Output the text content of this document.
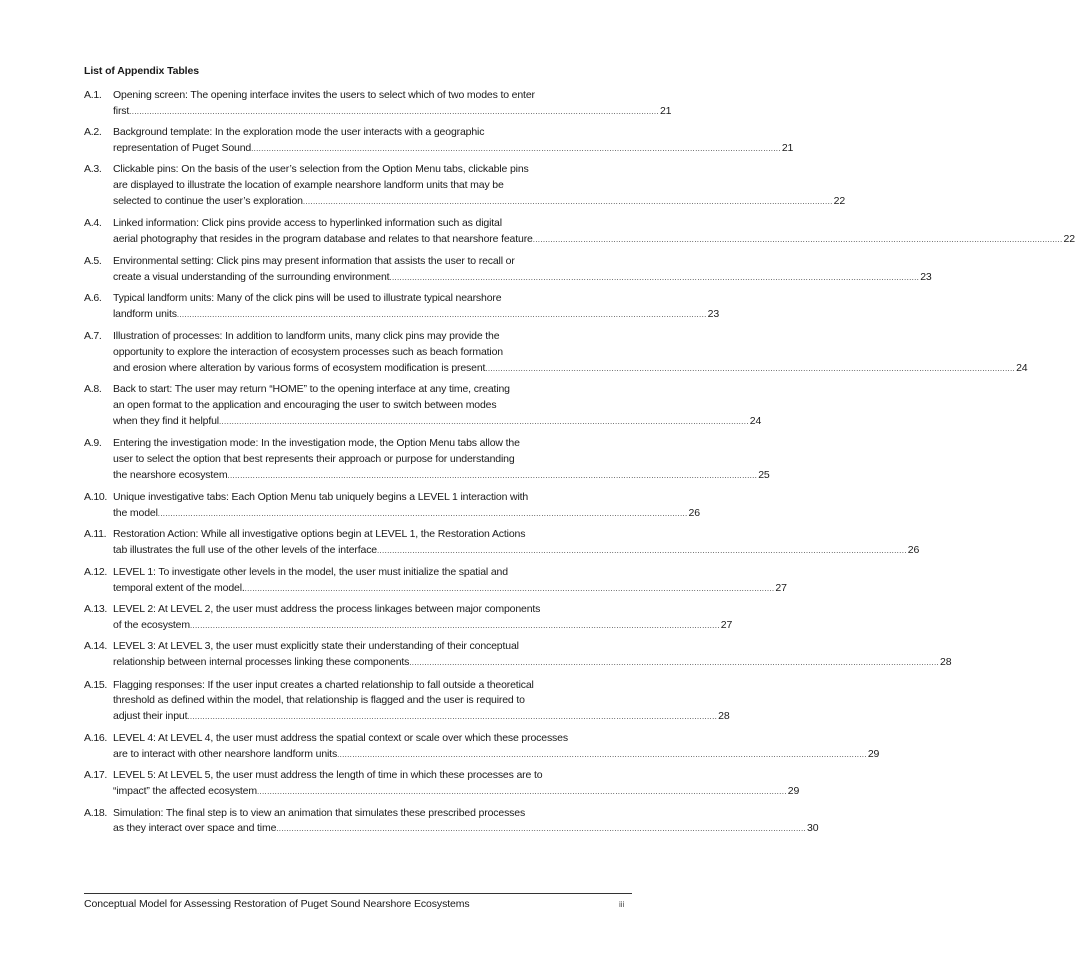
List of Appendix Tables
A.1.	Opening screen: The opening interface invites the users to select which of two modes to enter
first .................................................................................................................................................................................................................. 21
A.2.	Background template: In the exploration mode the user interacts with a geographic
representation of Puget Sound .................................................................................................................................................................................................................. 21
A.3.	Clickable pins: On the basis of the user’s selection from the Option Menu tabs, clickable pins
are displayed to illustrate the location of example nearshore landform units that may be
selected to continue the user’s exploration .................................................................................................................................................................................................................. 22
A.4.	Linked information: Click pins provide access to hyperlinked information such as digital
aerial photography that resides in the program database and relates to that nearshore feature .................................................................................................................................................................................................................. 22
A.5.	Environmental setting: Click pins may present information that assists the user to recall or
create a visual understanding of the surrounding environment .................................................................................................................................................................................................................. 23
A.6.	Typical landform units: Many of the click pins will be used to illustrate typical nearshore
landform units .................................................................................................................................................................................................................. 23
A.7.	Illustration of processes: In addition to landform units, many click pins may provide the
opportunity to explore the interaction of ecosystem processes such as beach formation
and erosion where alteration by various forms of ecosystem modification is present .................................................................................................................................................................................................................. 24
A.8.	Back to start: The user may return “HOME” to the opening interface at any time, creating
an open format to the application and encouraging the user to switch between modes
when they find it helpful .................................................................................................................................................................................................................. 24
A.9.	Entering the investigation mode: In the investigation mode, the Option Menu tabs allow the
user to select the option that best represents their approach or purpose for understanding
the nearshore ecosystem .................................................................................................................................................................................................................. 25
A.10. Unique investigative tabs: Each Option Menu tab uniquely begins a LEVEL 1 interaction with
the model .................................................................................................................................................................................................................. 26
A.11. Restoration Action: While all investigative options begin at LEVEL 1, the Restoration Actions
tab illustrates the full use of the other levels of the interface .................................................................................................................................................................................................................. 26
A.12. LEVEL 1: To investigate other levels in the model, the user must initialize the spatial and
temporal extent of the model. .................................................................................................................................................................................................................. 27
A.13. LEVEL 2: At LEVEL 2, the user must address the process linkages between major components
of the ecosystem .................................................................................................................................................................................................................. 27
A.14. LEVEL 3: At LEVEL 3, the user must explicitly state their understanding of their conceptual
relationship between internal processes linking these components .................................................................................................................................................................................................................. 28
A.15. Flagging responses: If the user input creates a charted relationship to fall outside a theoretical
threshold as defined within the model, that relationship is flagged and the user is required to
adjust their input .................................................................................................................................................................................................................. 28
A.16. LEVEL 4: At LEVEL 4, the user must address the spatial context or scale over which these processes
are to interact with other nearshore landform units .................................................................................................................................................................................................................. 29
A.17. LEVEL 5: At LEVEL 5, the user must address the length of time in which these processes are to
“impact” the affected ecosystem .................................................................................................................................................................................................................. 29
A.18. Simulation: The final step is to view an animation that simulates these prescribed processes
as they interact over space and time .................................................................................................................................................................................................................. 30
Conceptual Model for Assessing Restoration of Puget Sound Nearshore Ecosystems	iii
